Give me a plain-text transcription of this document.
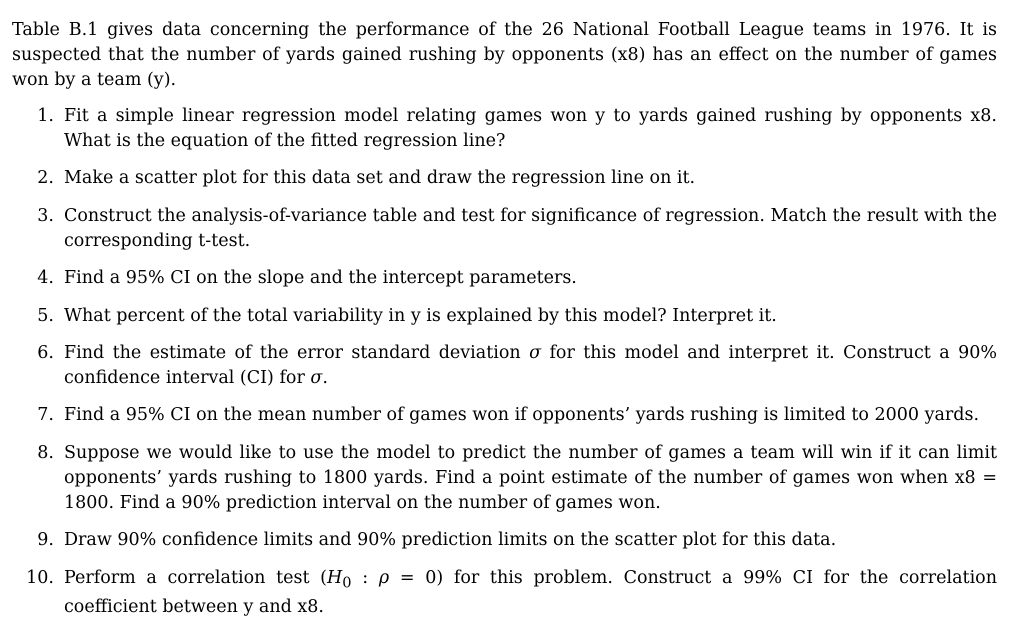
Table B.1 gives data concerning the performance of the 26 National Football League teams in 1976. It is suspected that the number of yards gained rushing by opponents (x8) has an effect on the number of games won by a team (y).

1. Fit a simple linear regression model relating games won y to yards gained rushing by opponents x8. What is the equation of the fitted regression line?
2. Make a scatter plot for this data set and draw the regression line on it.
3. Construct the analysis-of-variance table and test for significance of regression. Match the result with the corresponding t-test.
4. Find a 95% CI on the slope and the intercept parameters.
5. What percent of the total variability in y is explained by this model? Interpret it.
6. Find the estimate of the error standard deviation σ for this model and interpret it. Construct a 90% confidence interval (CI) for σ.
7. Find a 95% CI on the mean number of games won if opponents’ yards rushing is limited to 2000 yards.
8. Suppose we would like to use the model to predict the number of games a team will win if it can limit opponents’ yards rushing to 1800 yards. Find a point estimate of the number of games won when x8 = 1800. Find a 90% prediction interval on the number of games won.
9. Draw 90% confidence limits and 90% prediction limits on the scatter plot for this data.
10. Perform a correlation test ($H_0$ : ρ = 0) for this problem. Construct a 99% CI for the correlation coefficient between y and x8.
